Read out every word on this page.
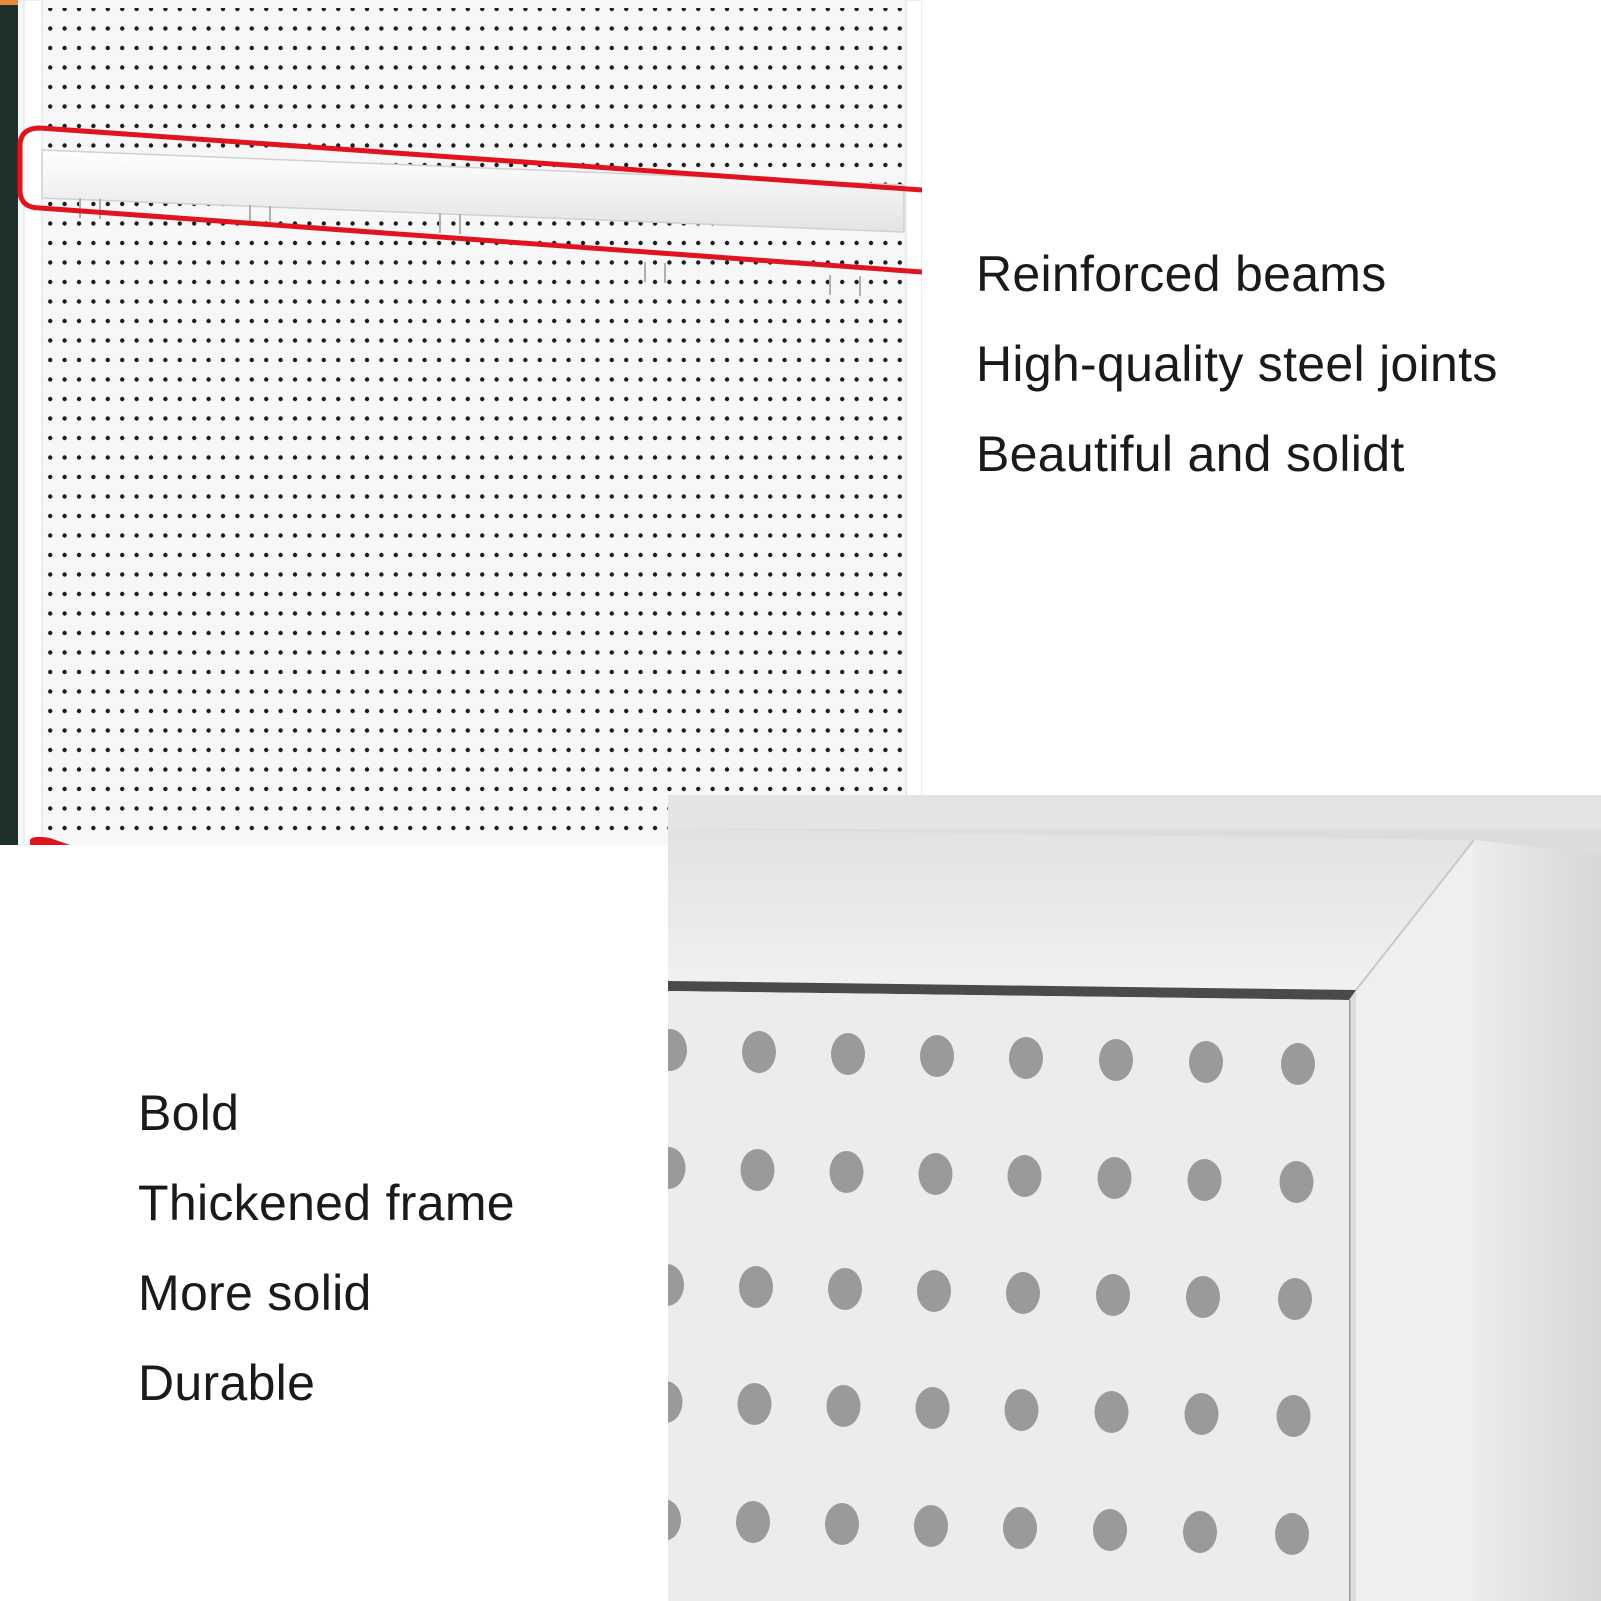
Reinforced beams
High-quality steel joints
Beautiful and solidt
Bold
Thickened frame
More solid
Durable
